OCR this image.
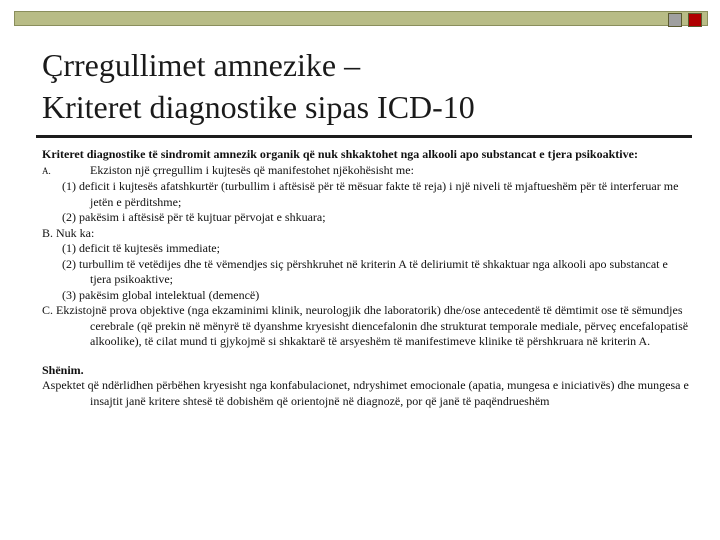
Çrregullimet amnezike –
Kriteret diagnostike sipas ICD-10

Kriteret diagnostike të sindromit amnezik organik që nuk shkaktohet nga alkooli apo substancat e tjera psikoaktive:

A.	Ekziston një çrregullim i kujtesës që manifestohet njëkohësisht me:

(1) deficit i kujtesës afatshkurtër (turbullim i aftësisë për të mësuar fakte të reja) i një niveli të mjaftueshëm për të interferuar me jetën e përditshme;

(2) pakësim i aftësisë për të kujtuar përvojat e shkuara;

B. Nuk ka:

(1) deficit të kujtesës immediate;

(2) turbullim të vetëdijes dhe të vëmendjes siç përshkruhet në kriterin A të deliriumit të shkaktuar nga alkooli apo substancat e tjera psikoaktive;

(3) pakësim global intelektual (demencë)

C. Ekzistojnë prova objektive (nga ekzaminimi klinik, neurologjik dhe laboratorik) dhe/ose antecedentë të dëmtimit ose të sëmundjes cerebrale (që prekin në mënyrë të dyanshme kryesisht diencefalonin dhe strukturat temporale mediale, përveç encefalopatisë alkoolike), të cilat mund ti gjykojmë si shkaktarë të arsyeshëm të manifestimeve klinike të përshkruara në kriterin A.

Shënim.

Aspektet që ndërlidhen përbëhen kryesisht nga konfabulacionet, ndryshimet emocionale (apatia, mungesa e iniciativës) dhe mungesa e insajtit janë kritere shtesë të dobishëm që orientojnë në diagnozë, por që janë të paqëndrueshëm
